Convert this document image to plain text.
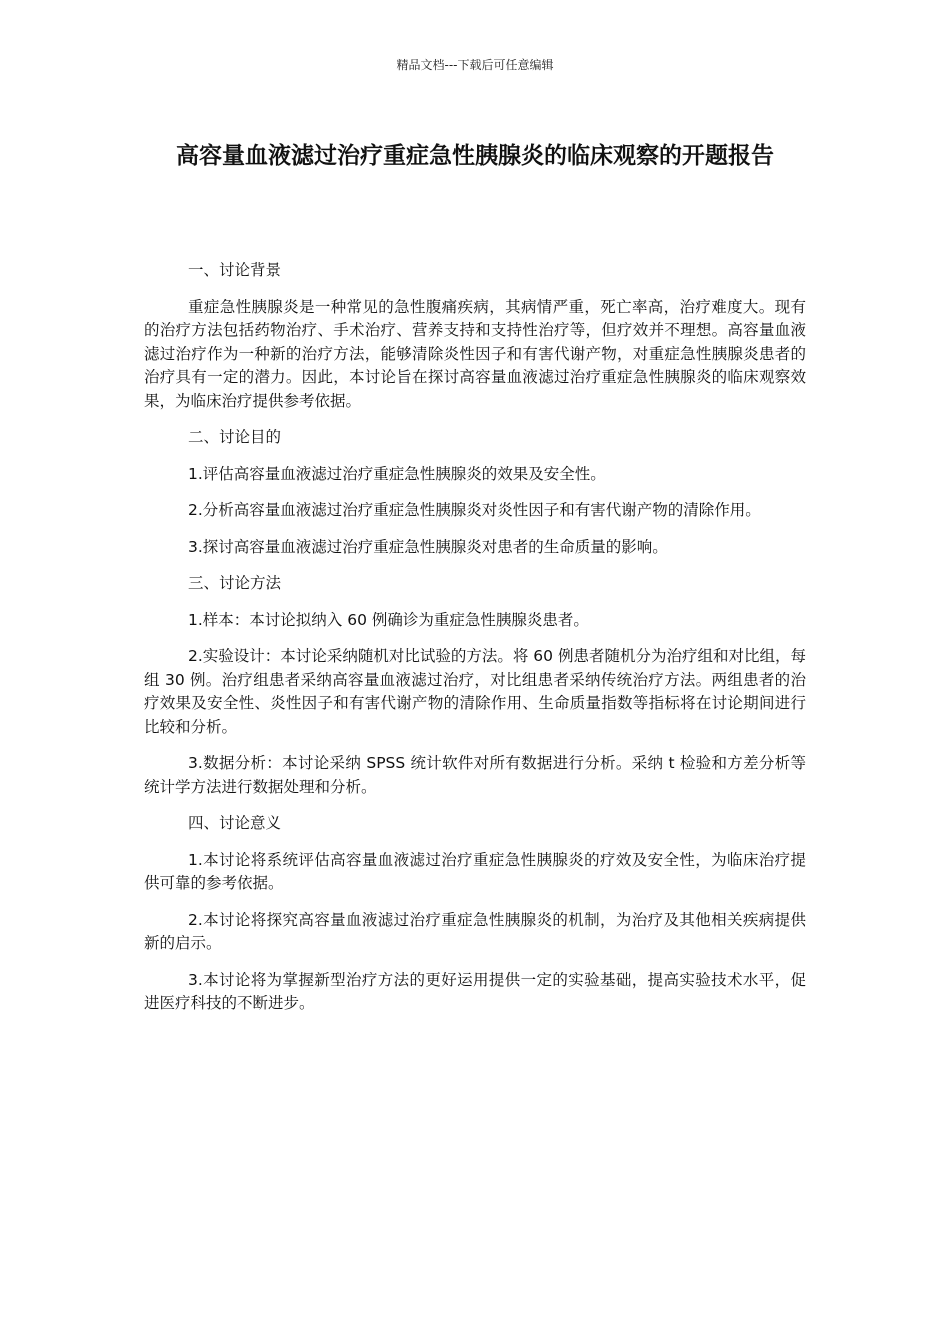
精品文档---下载后可任意编辑
高容量血液滤过治疗重症急性胰腺炎的临床观察的开题报告
一、讨论背景
重症急性胰腺炎是一种常见的急性腹痛疾病，其病情严重，死亡率高，治疗难度大。现有的治疗方法包括药物治疗、手术治疗、营养支持和支持性治疗等，但疗效并不理想。高容量血液滤过治疗作为一种新的治疗方法，能够清除炎性因子和有害代谢产物，对重症急性胰腺炎患者的治疗具有一定的潜力。因此，本讨论旨在探讨高容量血液滤过治疗重症急性胰腺炎的临床观察效果，为临床治疗提供参考依据。
二、讨论目的
1.评估高容量血液滤过治疗重症急性胰腺炎的效果及安全性。
2.分析高容量血液滤过治疗重症急性胰腺炎对炎性因子和有害代谢产物的清除作用。
3.探讨高容量血液滤过治疗重症急性胰腺炎对患者的生命质量的影响。
三、讨论方法
1.样本：本讨论拟纳入 60 例确诊为重症急性胰腺炎患者。
2.实验设计：本讨论采纳随机对比试验的方法。将 60 例患者随机分为治疗组和对比组，每组 30 例。治疗组患者采纳高容量血液滤过治疗，对比组患者采纳传统治疗方法。两组患者的治疗效果及安全性、炎性因子和有害代谢产物的清除作用、生命质量指数等指标将在讨论期间进行比较和分析。
3.数据分析：本讨论采纳 SPSS 统计软件对所有数据进行分析。采纳 t 检验和方差分析等统计学方法进行数据处理和分析。
四、讨论意义
1.本讨论将系统评估高容量血液滤过治疗重症急性胰腺炎的疗效及安全性，为临床治疗提供可靠的参考依据。
2.本讨论将探究高容量血液滤过治疗重症急性胰腺炎的机制，为治疗及其他相关疾病提供新的启示。
3.本讨论将为掌握新型治疗方法的更好运用提供一定的实验基础，提高实验技术水平，促进医疗科技的不断进步。
